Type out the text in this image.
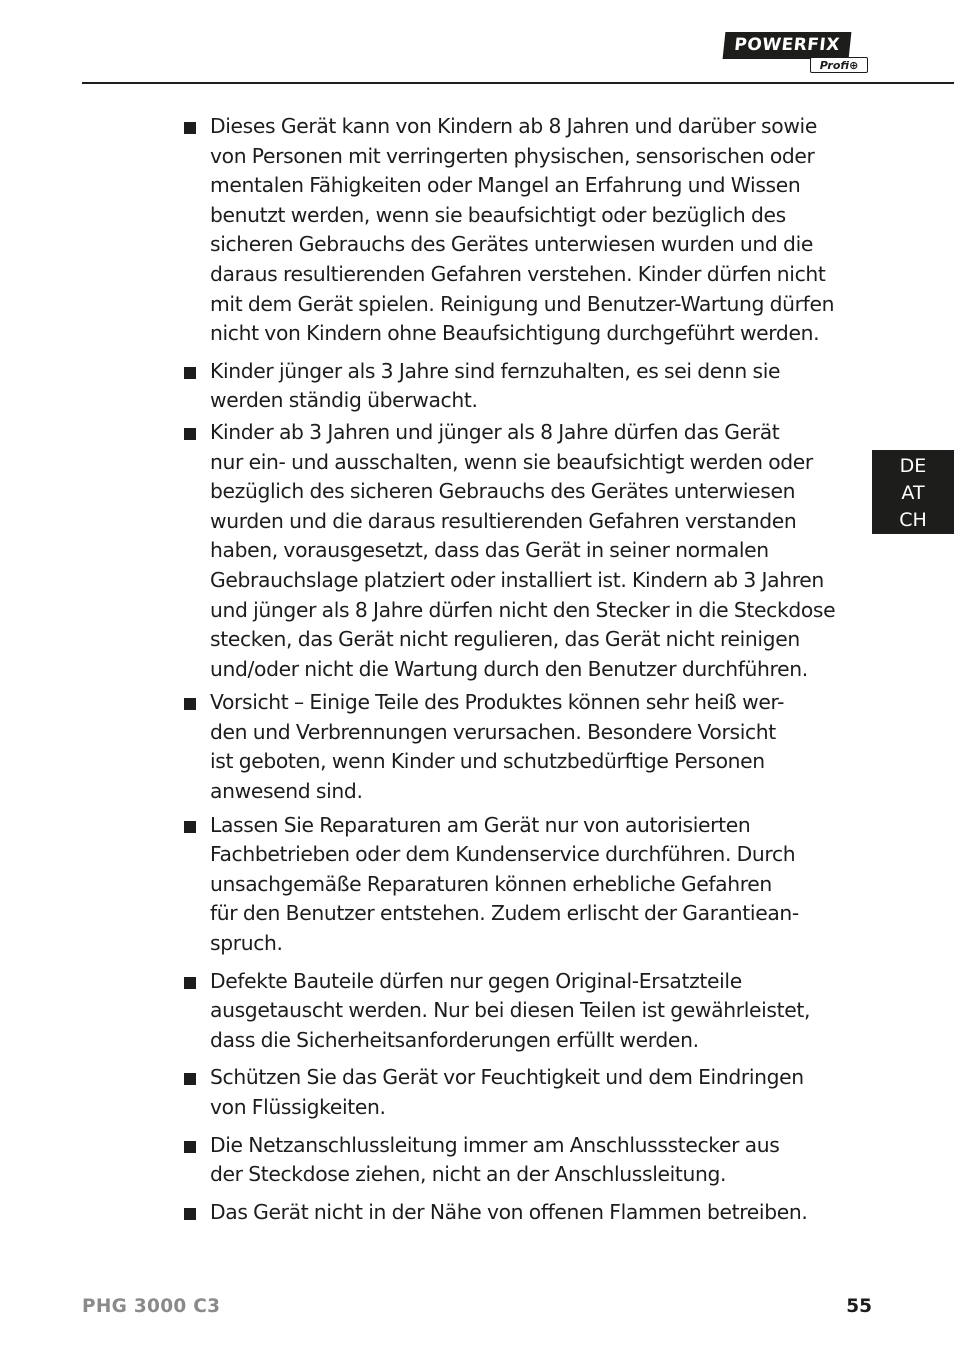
POWERFIX
Profi⊕
Dieses Gerät kann von Kindern ab 8 Jahren und darüber sowie
von Personen mit verringerten physischen, sensorischen oder
mentalen Fähigkeiten oder Mangel an Erfahrung und Wissen
benutzt werden, wenn sie beaufsichtigt oder bezüglich des
sicheren Gebrauchs des Gerätes unterwiesen wurden und die
daraus resultierenden Gefahren verstehen. Kinder dürfen nicht
mit dem Gerät spielen. Reinigung und Benutzer-Wartung dürfen
nicht von Kindern ohne Beaufsichtigung durchgeführt werden.
Kinder jünger als 3 Jahre sind fernzuhalten, es sei denn sie
werden ständig überwacht.
Kinder ab 3 Jahren und jünger als 8 Jahre dürfen das Gerät
nur ein- und ausschalten, wenn sie beaufsichtigt werden oder
bezüglich des sicheren Gebrauchs des Gerätes unterwiesen
wurden und die daraus resultierenden Gefahren verstanden
haben, vorausgesetzt, dass das Gerät in seiner normalen
Gebrauchslage platziert oder installiert ist. Kindern ab 3 Jahren
und jünger als 8 Jahre dürfen nicht den Stecker in die Steckdose
stecken, das Gerät nicht regulieren, das Gerät nicht reinigen
und/oder nicht die Wartung durch den Benutzer durchführen.
Vorsicht – Einige Teile des Produktes können sehr heiß wer-
den und Verbrennungen verursachen. Besondere Vorsicht
ist geboten, wenn Kinder und schutzbedürftige Personen
anwesend sind.
Lassen Sie Reparaturen am Gerät nur von autorisierten
Fachbetrieben oder dem Kundenservice durchführen. Durch
unsachgemäße Reparaturen können erhebliche Gefahren
für den Benutzer entstehen. Zudem erlischt der Garantiean-
spruch.
Defekte Bauteile dürfen nur gegen Original-Ersatzteile
ausgetauscht werden. Nur bei diesen Teilen ist gewährleistet,
dass die Sicherheitsanforderungen erfüllt werden.
Schützen Sie das Gerät vor Feuchtigkeit und dem Eindringen
von Flüssigkeiten.
Die Netzanschlussleitung immer am Anschlussstecker aus
der Steckdose ziehen, nicht an der Anschlussleitung.
Das Gerät nicht in der Nähe von offenen Flammen betreiben.
DE
AT
CH
PHG 3000 C3	55
